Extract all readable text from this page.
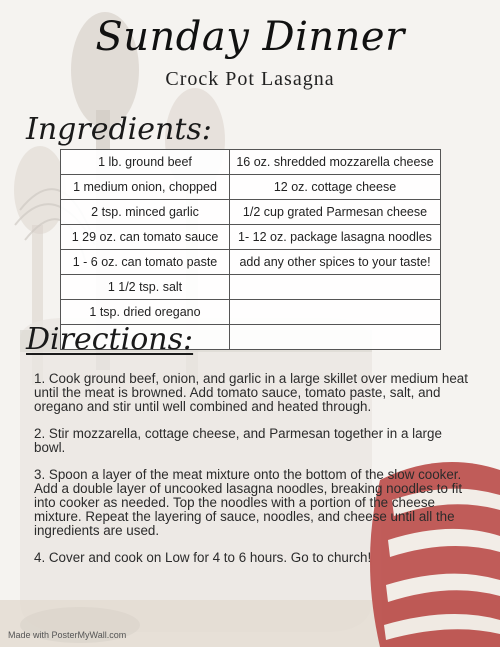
Sunday Dinner
Crock Pot Lasagna
Ingredients:
1 lb. ground beef	16 oz. shredded mozzarella cheese
1 medium onion, chopped	12 oz. cottage cheese
2 tsp. minced garlic	1/2 cup grated Parmesan cheese
1 29 oz. can tomato sauce	1- 12 oz. package lasagna noodles
1 - 6 oz. can tomato paste	add any other spices to your taste!
1 1/2 tsp. salt	
1 tsp. dried oregano	

Directions:

1. Cook ground beef, onion, and garlic in a large skillet over medium heat until the meat is browned. Add tomato sauce, tomato paste, salt, and oregano and stir until well combined and heated through.

2. Stir mozzarella, cottage cheese, and Parmesan together in a large bowl.

3. Spoon a layer of the meat mixture onto the bottom of the slow cooker. Add a double layer of uncooked lasagna noodles, breaking noodles to fit into cooker as needed. Top the noodles with a portion of the cheese mixture. Repeat the layering of sauce, noodles, and cheese until all the ingredients are used.

4. Cover and cook on Low for 4 to 6 hours. Go to church!

Made with PosterMyWall.com
